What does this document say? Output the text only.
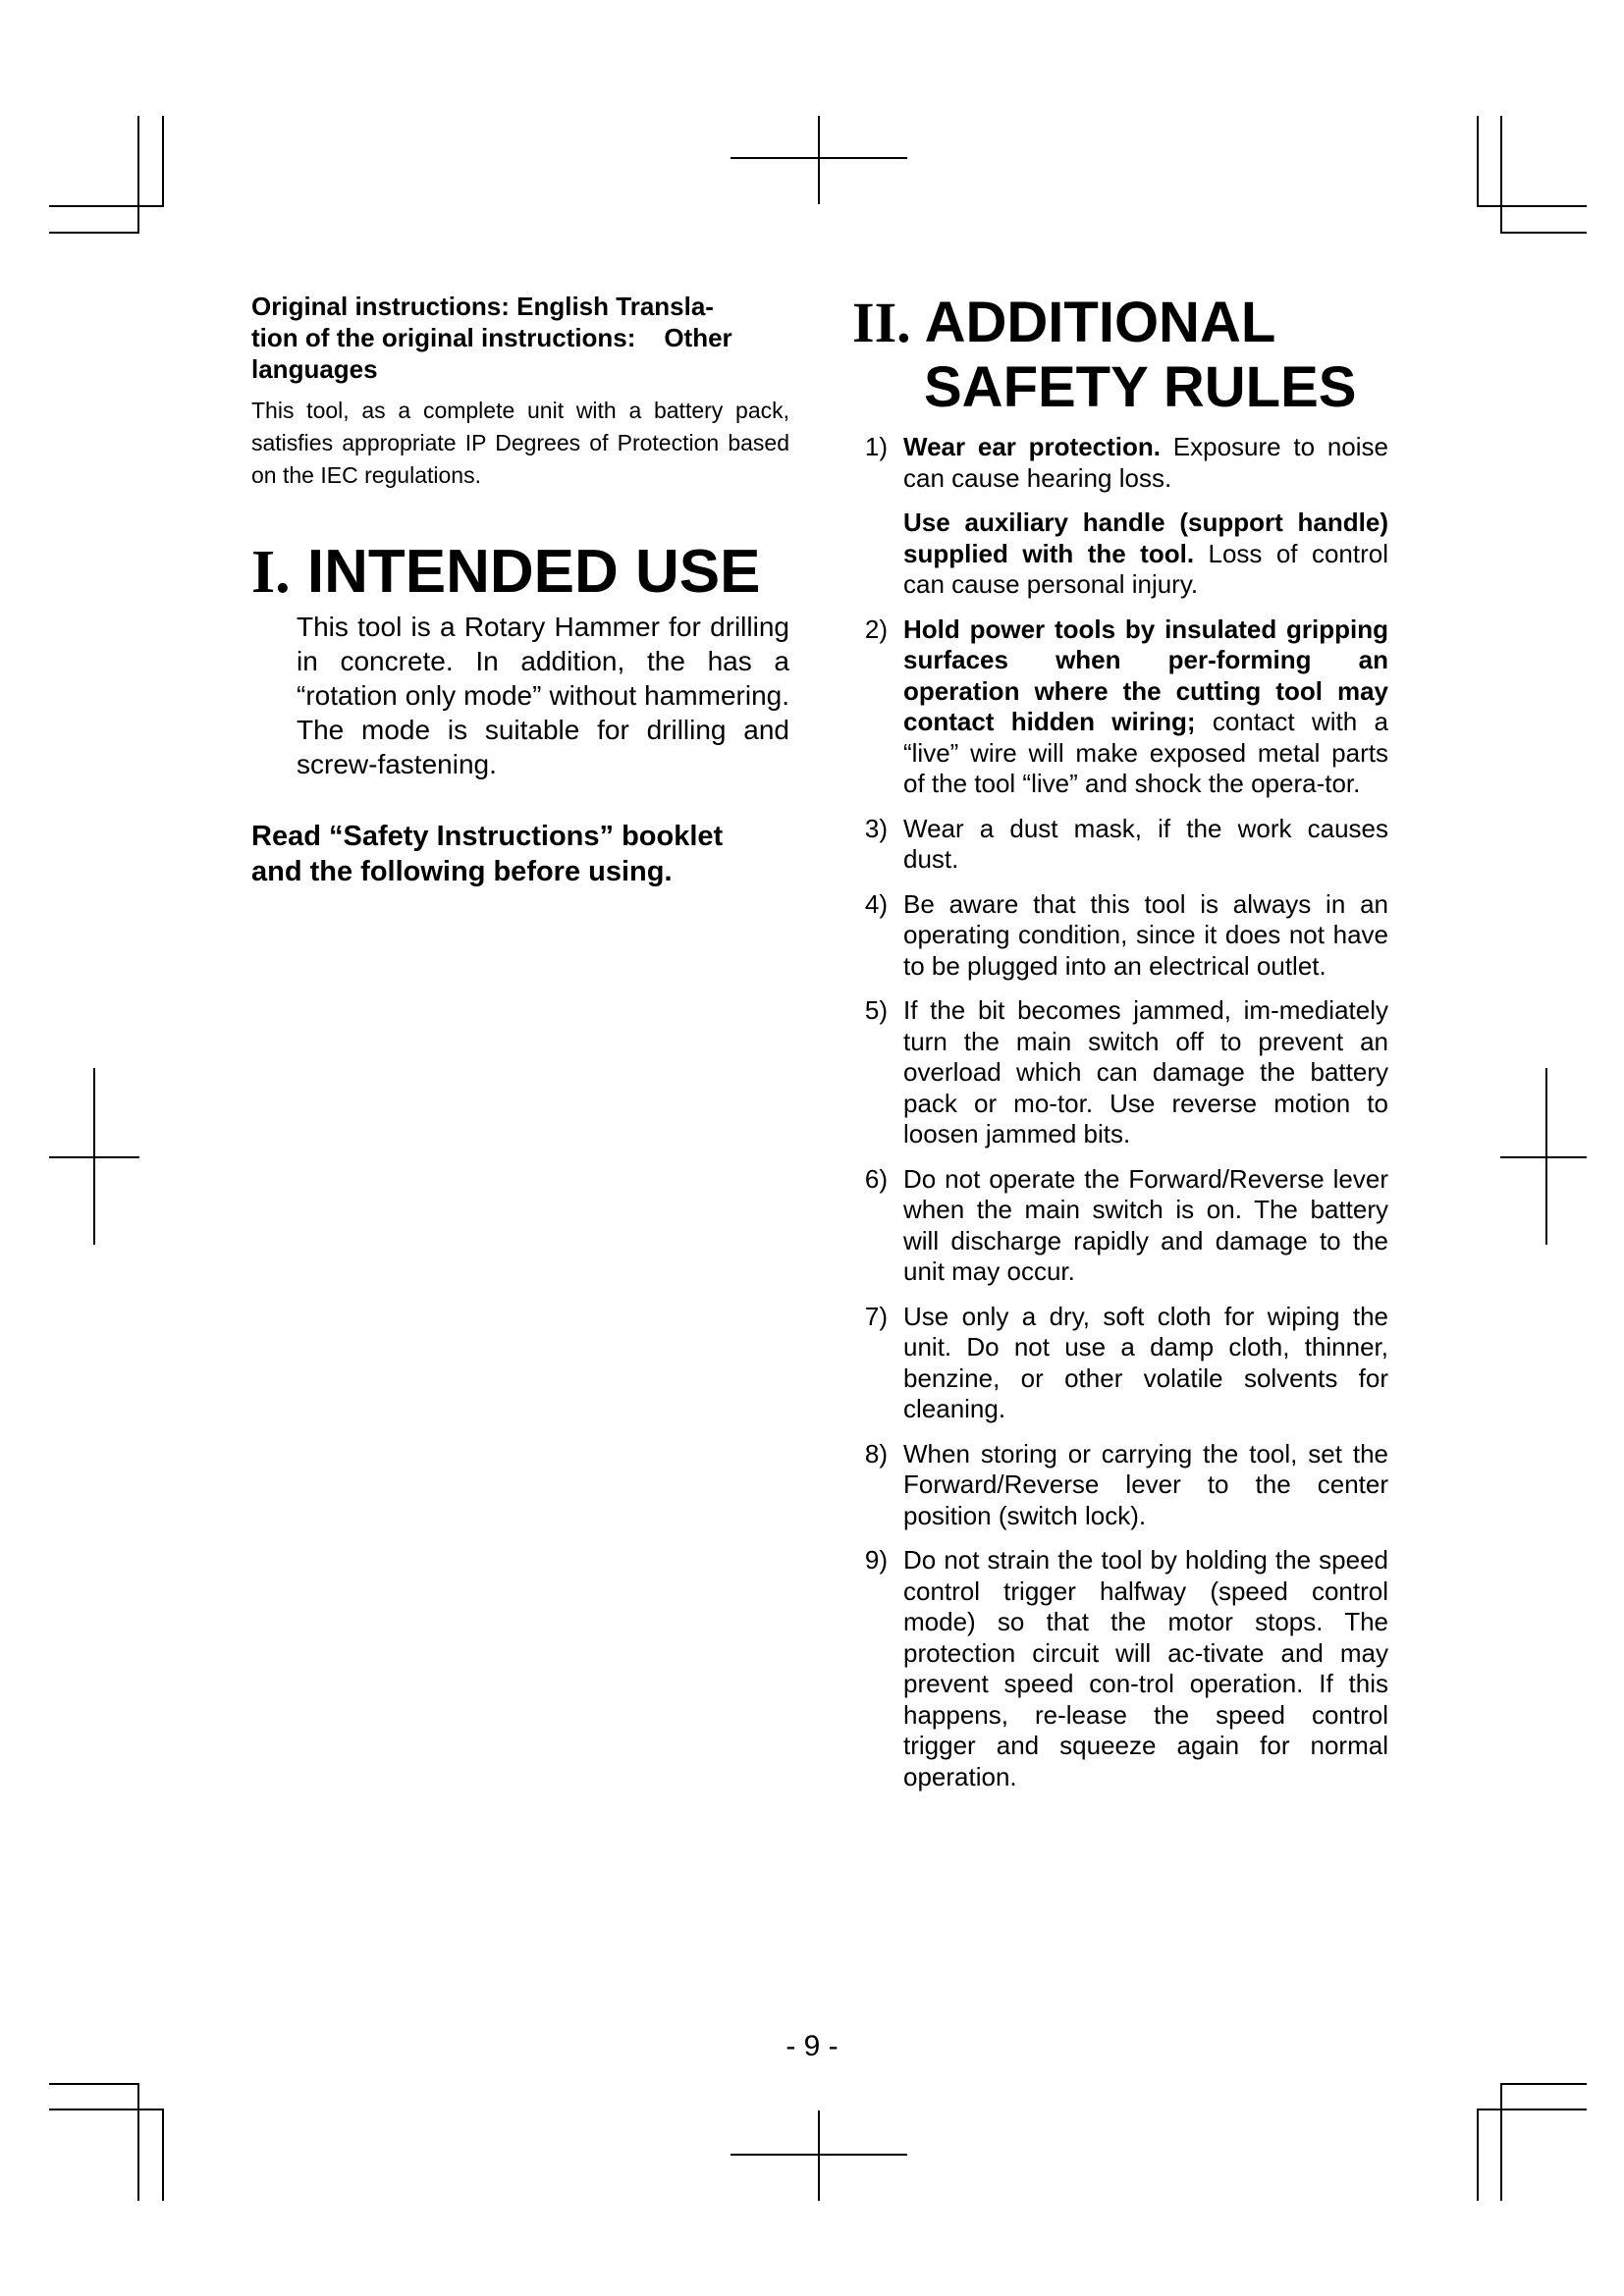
Original instructions: English Transla-
tion of the original instructions:    Other
languages
This tool, as a complete unit with a battery pack, satisfies appropriate IP Degrees of Protection based on the IEC regulations.
I. INTENDED USE
This tool is a Rotary Hammer for drilling in concrete. In addition, the has a “rotation only mode” without hammering. The mode is suitable for drilling and screw-fastening.
Read “Safety Instructions” booklet
and the following before using.
II. ADDITIONAL
SAFETY RULES
1) Wear ear protection. Exposure to noise can cause hearing loss.

Use auxiliary handle (support handle) supplied with the tool. Loss of control can cause personal injury.

2) Hold power tools by insulated gripping surfaces when per-forming an operation where the cutting tool may contact hidden wiring; contact with a “live” wire will make exposed metal parts of the tool “live” and shock the opera-tor.

3) Wear a dust mask, if the work causes dust.

4) Be aware that this tool is always in an operating condition, since it does not have to be plugged into an electrical outlet.

5) If the bit becomes jammed, im-mediately turn the main switch off to prevent an overload which can damage the battery pack or mo-tor. Use reverse motion to loosen jammed bits.

6) Do not operate the Forward/Reverse lever when the main switch is on. The battery will discharge rapidly and damage to the unit may occur.

7) Use only a dry, soft cloth for wiping the unit. Do not use a damp cloth, thinner, benzine, or other volatile solvents for cleaning.

8) When storing or carrying the tool, set the Forward/Reverse lever to the center position (switch lock).

9) Do not strain the tool by holding the speed control trigger halfway (speed control mode) so that the motor stops. The protection circuit will ac-tivate and may prevent speed con-trol operation. If this happens, re-lease the speed control trigger and squeeze again for normal operation.

- 9 -
